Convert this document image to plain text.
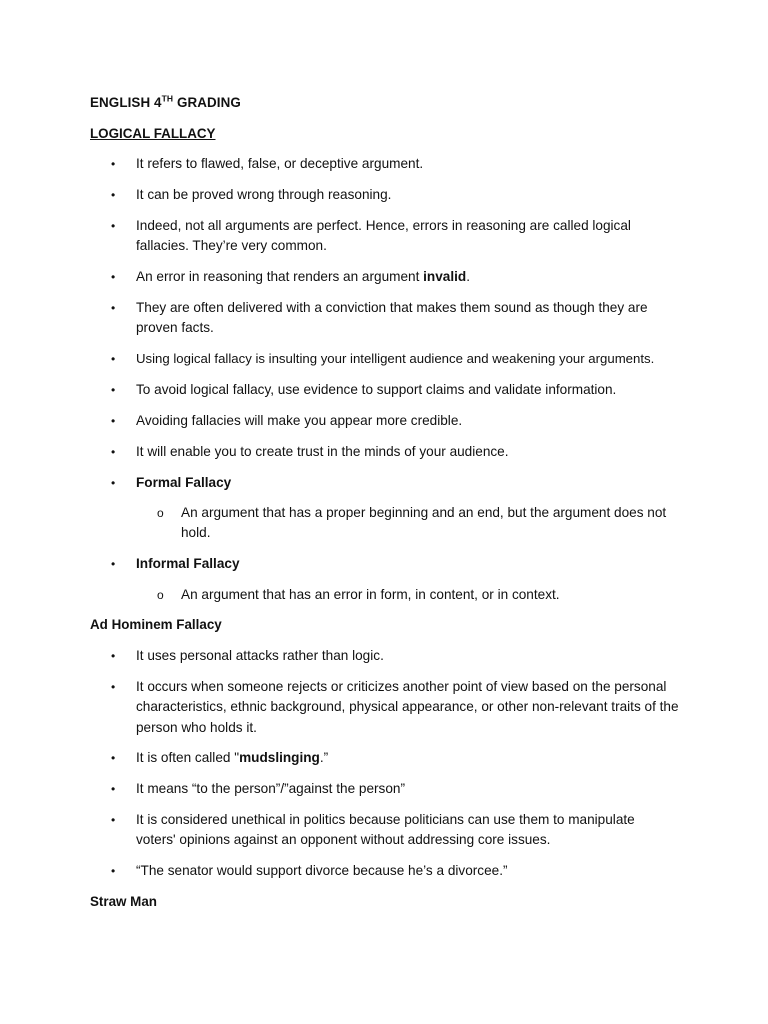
ENGLISH 4TH GRADING
LOGICAL FALLACY
•	It refers to flawed, false, or deceptive argument.
•	It can be proved wrong through reasoning.
•	Indeed, not all arguments are perfect. Hence, errors in reasoning are called logical fallacies. They’re very common.
•	An error in reasoning that renders an argument invalid.
•	They are often delivered with a conviction that makes them sound as though they are proven facts.
•	Using logical fallacy is insulting your intelligent audience and weakening your arguments.
•	To avoid logical fallacy, use evidence to support claims and validate information.
•	Avoiding fallacies will make you appear more credible.
•	It will enable you to create trust in the minds of your audience.
•	Formal Fallacy
o	An argument that has a proper beginning and an end, but the argument does not hold.
•	Informal Fallacy
o	An argument that has an error in form, in content, or in context.
Ad Hominem Fallacy
•	It uses personal attacks rather than logic.
•	It occurs when someone rejects or criticizes another point of view based on the personal characteristics, ethnic background, physical appearance, or other non-relevant traits of the person who holds it.
•	It is often called "mudslinging.”
•	It means “to the person”/”against the person”
•	It is considered unethical in politics because politicians can use them to manipulate voters' opinions against an opponent without addressing core issues.
•	“The senator would support divorce because he’s a divorcee.”
Straw Man
